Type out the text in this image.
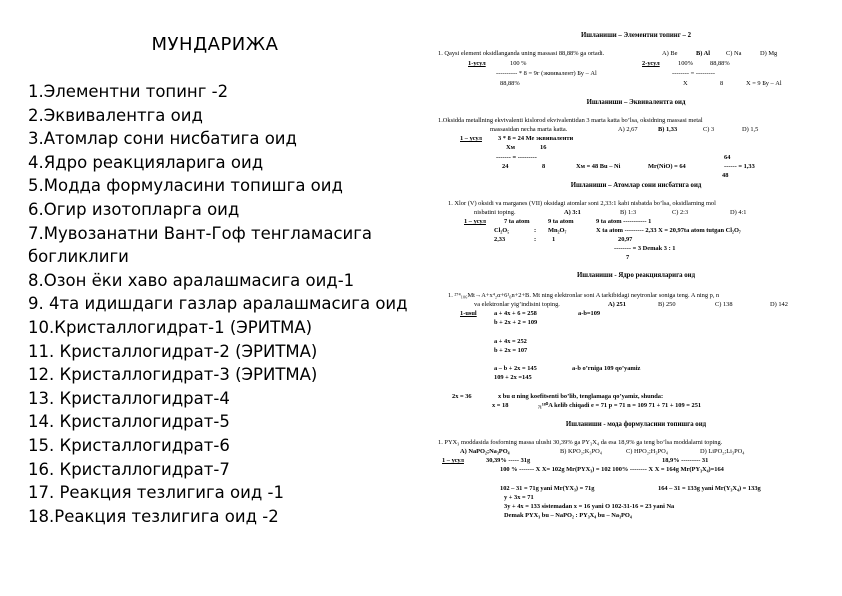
МУНДАРИЖА
1.Элементни топинг -2
2.Эквивалентга оид
3.Атомлар сони нисбатига оид
4.Ядро реакцияларига оид
5.Модда формуласини топишга оид
6.Огир изотопларга оид
7.Мувозанатни Вант-Гоф тенгламасига
богликлиги
8.Озон ёки хаво аралашмасига оид-1
9. 4та идишдаги газлар аралашмасига оид
10.Кристаллогидрат-1 (ЭРИТМА)
11. Кристаллогидрат-2 (ЭРИТМА)
12. Кристаллогидрат-3 (ЭРИТМА)
13. Кристаллогидрат-4
14. Кристаллогидрат-5
15. Кристаллогидрат-6
16. Кристаллогидрат-7
17. Реакция тезлигига оид -1
18.Реакция тезлигига оид -2
Ишланиши – Элементни топинг – 2
1. Qaysi element oksidlanganda uning massasi 88,88% ga ortadi.	A) Be	B) Al C) Na	D) Mg
1-усул	100 %	2-усул	100%	88,88%
---------- * 8 = 9г (эквивалент) Бу – Al	-------- = ---------
88,88%	X	8	X = 9 Бу – Al
Ишланиши – Эквивалентга оид
1.Oksidda metallning ekvivalenti kislorod ekvivalentidan 3 marta katta bo’lsa, oksidning massasi metal
massasidan necha marta katta.	A) 2,67	B) 1,33	C) 3	D) 1,5
1 – усул	3 * 8 = 24 Ме эквиваленти
Хм	16
------- = ---------	64
24	8	Хм = 48 Bu – Ni	Mr(NiO) = 64	------ = 1,33
48
Ишланиши – Атомлар сони нисбатига оид
1. Xlor (V) oksidi va marganes (VII) oksidagi atomlar soni 2,33:1 kabi nisbatda bo’lsa, oksidlarning mol
nisbatini toping.	A) 3:1	B) 1:3	C) 2:3	D) 4:1
1 – усул	7 ta atom	9 ta atom	9 ta atom ----------- 1
Cl₂O₅	: Mn₂O₇	X ta atom --------- 2,33 X = 20,97ta atom tutgan Cl₂O₇
2,33	: 1	20,97
-------- = 3 Demak 3 : 1
7
Ишланиши - Ядро реакцияларига оид
1. ²⁷⁴₁₀₆Mt→A+x⁴₂α+6¹₀n+2+B. Mt ning elektronlar soni A tarkibidagi neytronlar soniga teng. A ning p, n
va elektronlar yig’indisini toping.	A) 251	B) 250	C) 138	D) 142
1-usul	a + 4x + 6 = 258	a-b=109
b + 2x + 2 = 109
a + 4x = 252
b + 2x = 107
a – b + 2x = 145	a-b o’rniga 109 qo’yamiz
109 + 2x =145
2x = 36	x bu α ning koefitsenti bo’lib, tenglamaga qo’yamiz, shunda:
x = 18	₇₁¹⁸⁰A kelib chiqadi e = 71 p = 71 n = 109 71 + 71 + 109 = 251
Ишланиши - мода формуласини топишга оид
1. PYX₃ moddasida fosforning massa ulushi 30,39% ga PY₃X₄ da esa 18,9% ga teng bo’lsa moddalarni toping.
A) NaPO₂;Na₃PO₄	B) KPO₂;K₃PO₄	C) HPO₂;H₃PO₄	D) LiPO₂;Li₃PO₄
1 – усул	30,39% ----- 31g	18,9% --------- 31
100 % ------- X X= 102g Mr(PYX₃) = 102 100% -------- X X = 164g Mr(PY₃X₄)=164
102 – 31 = 71g yani Mr(YX₃) = 71g	164 – 31 = 133g yani Mr(Y₃X₄) = 133g
y + 3x = 71
3y + 4x = 133 sistemadan x = 16 yani O 102-31-16 = 23 yani Na
Demak PYX₃ bu – NaPO₂ : PY₃X₄ bu – Na₃PO₄
